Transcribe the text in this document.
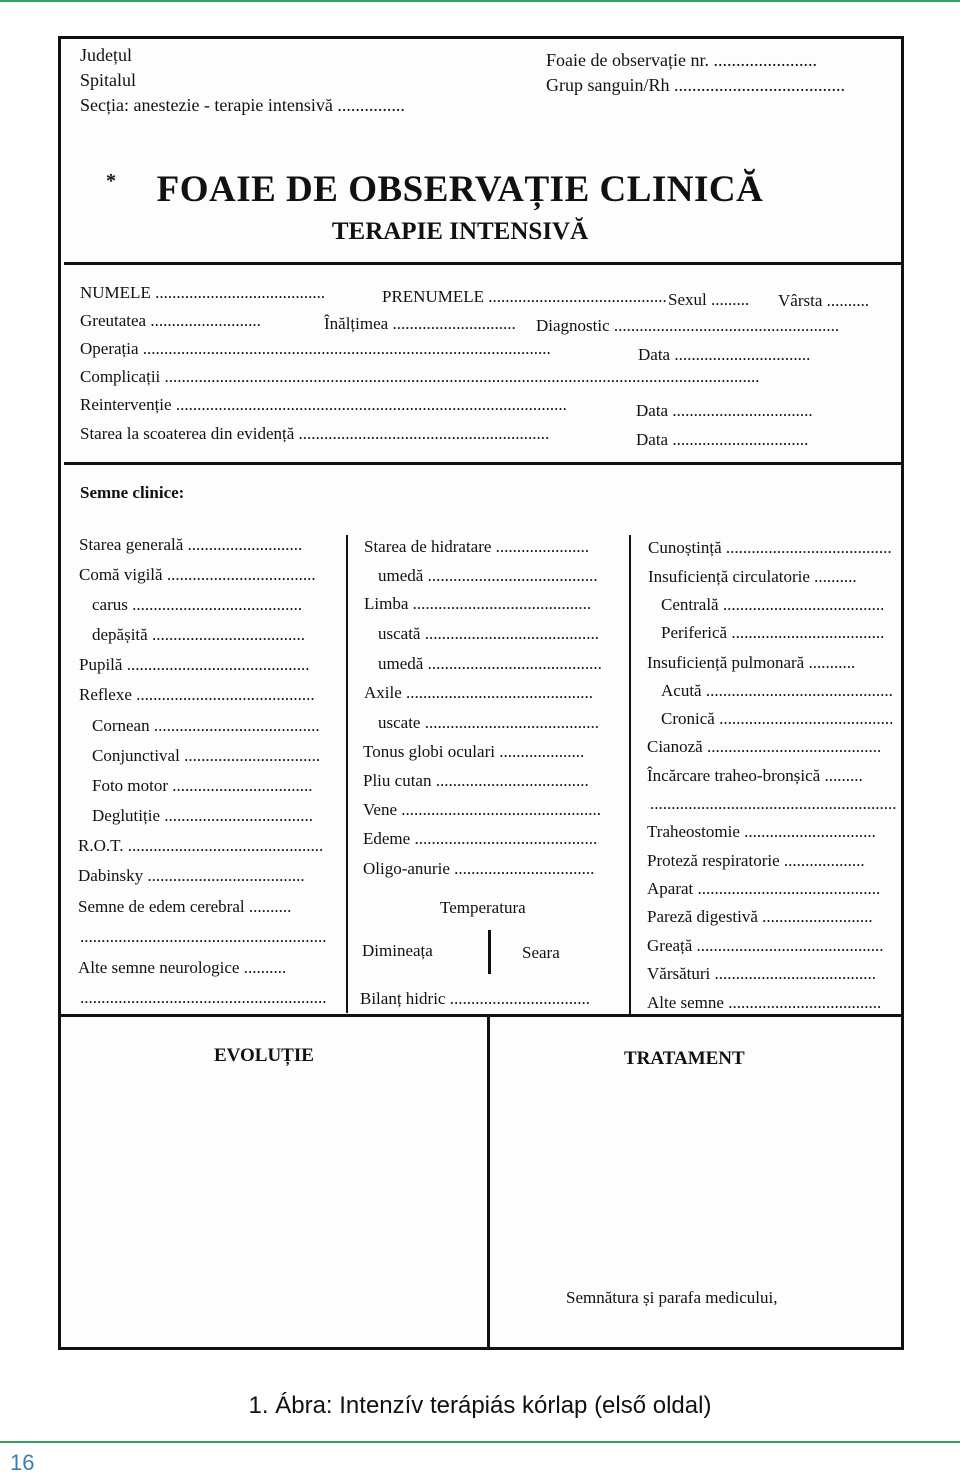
Județul
Spitalul
Secția: anestezie - terapie intensivă ...............
Foaie de observație nr. .......................
Grup sanguin/Rh ......................................
*	FOAIE DE OBSERVAȚIE CLINICĂ
TERAPIE INTENSIVĂ
NUMELE ........................................	PRENUMELE .......................................... Sexul ......... Vârsta ..........
Greutatea ..........................	Înălțimea ............................. Diagnostic .....................................................
Operația ................................................................................................	Data ................................
Complicații ............................................................................................................................................
Reintervenție ............................................................................................	Data .................................
Starea la scoaterea din evidență ...........................................................	Data ................................
Semne clinice:
Starea generală ...........................
Comă vigilă ...................................
carus ........................................
depășită ....................................
Pupilă ...........................................
Reflexe ..........................................
Cornean .......................................
Conjunctival ................................
Foto motor .................................
Deglutiție ...................................
R.O.T. ..............................................
Dabinsky .....................................
Semne de edem cerebral ..........
..........................................................
Alte semne neurologice ..........
..........................................................
Starea de hidratare ......................
umedă ........................................
Limba ..........................................
uscată .........................................
umedă .........................................
Axile ............................................
uscate .........................................
Tonus globi oculari ....................
Pliu cutan ....................................
Vene ...............................................
Edeme ...........................................
Oligo-anurie .................................
Cunoștință .......................................
Insuficiență circulatorie ..........
Centrală ......................................
Periferică ....................................
Insuficiență pulmonară ...........
Acută ............................................
Cronică .........................................
Cianoză .........................................
Încărcare traheo-bronșică .........
..........................................................
Traheostomie ...............................
Proteză respiratorie ...................
Aparat ...........................................
Pareză digestivă ..........................
Greață ............................................
Vărsături ......................................
Alte semne ....................................
Temperatura
Dimineața	Seara
Bilanț hidric .................................
EVOLUȚIE	TRATAMENT
Semnătura și parafa medicului,
1. Ábra: Intenzív terápiás kórlap (első oldal)
16
